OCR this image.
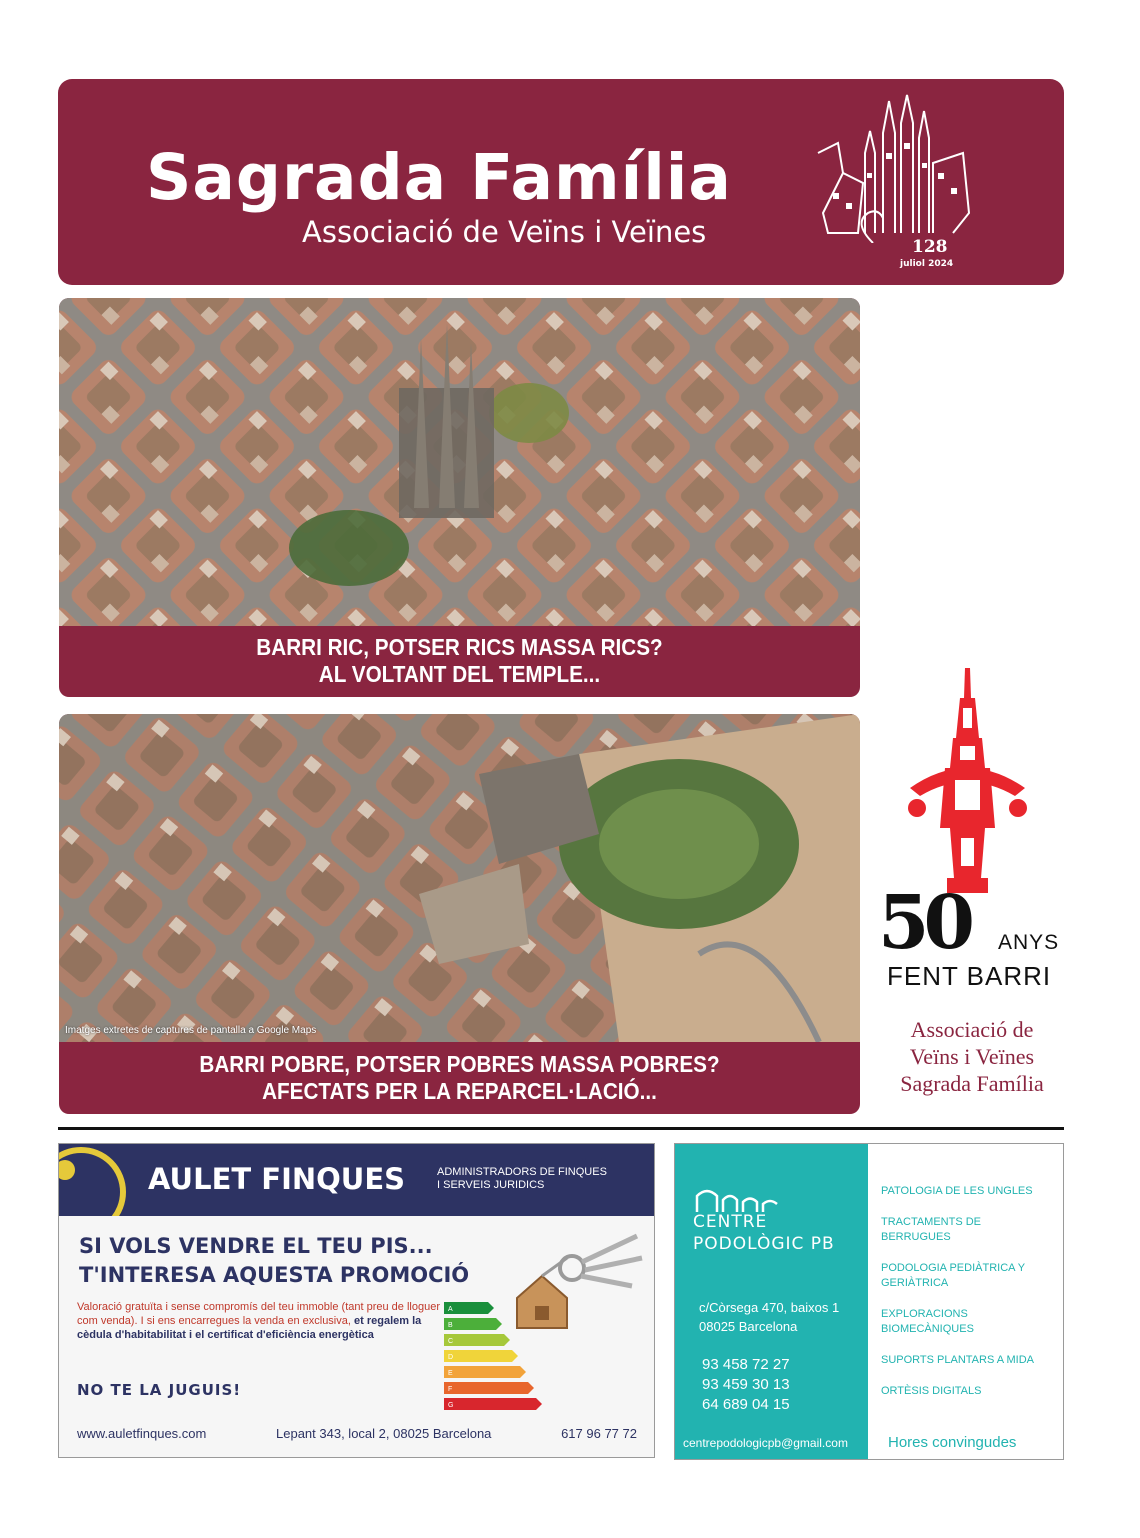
Sagrada Família
Associació de Veïns i Veïnes	128
juliol 2024
BARRI RIC, POTSER RICS MASSA RICS?
AL VOLTANT DEL TEMPLE...
Imatges extretes de captures de pantalla a Google Maps
BARRI POBRE, POTSER POBRES MASSA POBRES?
AFECTATS PER LA REPARCEL·LACIÓ...
50 ANYS
FENT BARRI
Associació de
Veïns i Veïnes
Sagrada Família
AULET FINQUES	ADMINISTRADORS DE FINQUES
I SERVEIS JURIDICS
SI VOLS VENDRE EL TEU PIS...
T'INTERESA AQUESTA PROMOCIÓ
Valoració gratuïta i sense compromís del teu immoble (tant preu de lloguer com venda). I si ens encarregues la venda en exclusiva, et regalem la cèdula d'habitabilitat i el certificat d'eficiència energètica
A
B
C
D
E
F
G
NO TE LA JUGUIS!
www.auletfinques.com	Lepant 343, local 2, 08025 Barcelona	617 96 77 72
CENTRE
PODOLÒGIC PB
c/Còrsega 470, baixos 1
08025 Barcelona
93 458 72 27
93 459 30 13
64 689 04 15
centrepodologicpb@gmail.com
PATOLOGIA DE LES UNGLES
TRACTAMENTS DE BERRUGUES
PODOLOGIA PEDIÀTRICA Y GERIÀTRICA
EXPLORACIONS BIOMECÀNIQUES
SUPORTS PLANTARS A MIDA
ORTÈSIS DIGITALS
Hores convingudes
